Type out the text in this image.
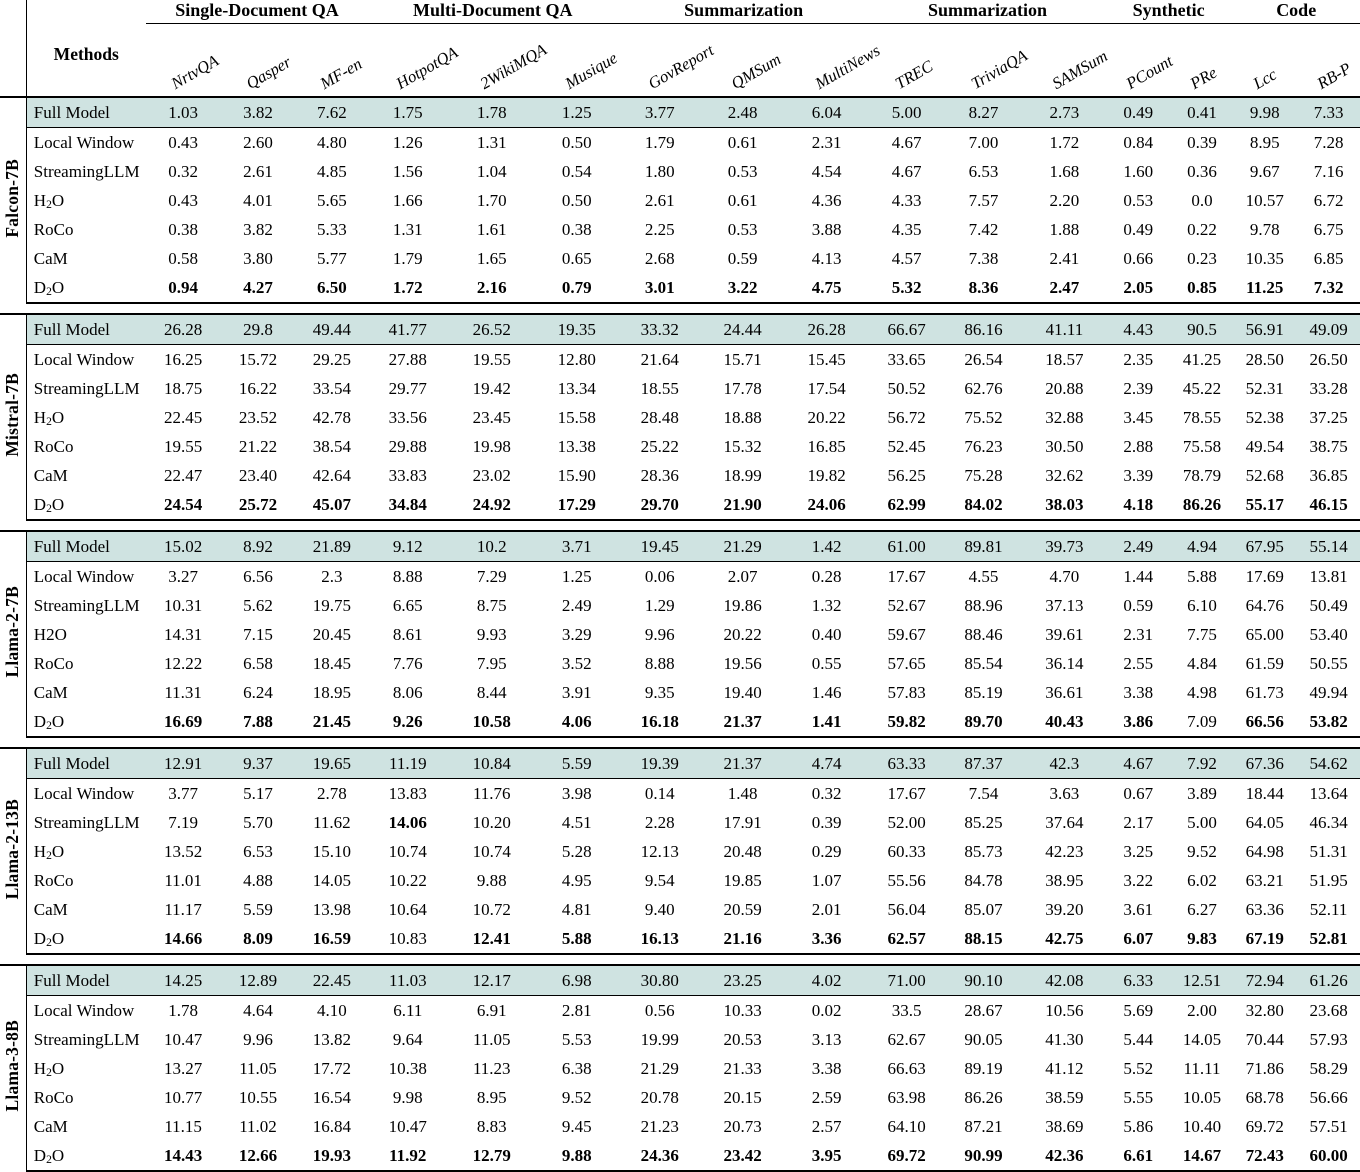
		Single-Document QA			Multi-Document QA			Summarization			Summarization			Synthetic		Code	

	Methods	NrtvQA	Qasper	MF-en	HotpotQA	2WikiMQA	Musique	GovReport	QMSum	MultiNews	TREC	TriviaQA	SAMSum	PCount	PRe	Lcc	RB-P

Falcon-7B	Full Model	1.03	3.82	7.62	1.75	1.78	1.25	3.77	2.48	6.04	5.00	8.27	2.73	0.49	0.41	9.98	7.33
	Local Window	0.43	2.60	4.80	1.26	1.31	0.50	1.79	0.61	2.31	4.67	7.00	1.72	0.84	0.39	8.95	7.28
	StreamingLLM	0.32	2.61	4.85	1.56	1.04	0.54	1.80	0.53	4.54	4.67	6.53	1.68	1.60	0.36	9.67	7.16
	$H_2O$	0.43	4.01	5.65	1.66	1.70	0.50	2.61	0.61	4.36	4.33	7.57	2.20	0.53	0.0	10.57	6.72
	RoCo	0.38	3.82	5.33	1.31	1.61	0.38	2.25	0.53	3.88	4.35	7.42	1.88	0.49	0.22	9.78	6.75
	CaM	0.58	3.80	5.77	1.79	1.65	0.65	2.68	0.59	4.13	4.57	7.38	2.41	0.66	0.23	10.35	6.85
	$D_2O$	0.94	4.27	6.50	1.72	2.16	0.79	3.01	3.22	4.75	5.32	8.36	2.47	2.05	0.85	11.25	7.32

Mistral-7B	Full Model	26.28	29.8	49.44	41.77	26.52	19.35	33.32	24.44	26.28	66.67	86.16	41.11	4.43	90.5	56.91	49.09
	Local Window	16.25	15.72	29.25	27.88	19.55	12.80	21.64	15.71	15.45	33.65	26.54	18.57	2.35	41.25	28.50	26.50
	StreamingLLM	18.75	16.22	33.54	29.77	19.42	13.34	18.55	17.78	17.54	50.52	62.76	20.88	2.39	45.22	52.31	33.28
	$H_2O$	22.45	23.52	42.78	33.56	23.45	15.58	28.48	18.88	20.22	56.72	75.52	32.88	3.45	78.55	52.38	37.25
	RoCo	19.55	21.22	38.54	29.88	19.98	13.38	25.22	15.32	16.85	52.45	76.23	30.50	2.88	75.58	49.54	38.75
	CaM	22.47	23.40	42.64	33.83	23.02	15.90	28.36	18.99	19.82	56.25	75.28	32.62	3.39	78.79	52.68	36.85
	$D_2O$	24.54	25.72	45.07	34.84	24.92	17.29	29.70	21.90	24.06	62.99	84.02	38.03	4.18	86.26	55.17	46.15

Llama-2-7B	Full Model	15.02	8.92	21.89	9.12	10.2	3.71	19.45	21.29	1.42	61.00	89.81	39.73	2.49	4.94	67.95	55.14
	Local Window	3.27	6.56	2.3	8.88	7.29	1.25	0.06	2.07	0.28	17.67	4.55	4.70	1.44	5.88	17.69	13.81
	StreamingLLM	10.31	5.62	19.75	6.65	8.75	2.49	1.29	19.86	1.32	52.67	88.96	37.13	0.59	6.10	64.76	50.49
	H2O	14.31	7.15	20.45	8.61	9.93	3.29	9.96	20.22	0.40	59.67	88.46	39.61	2.31	7.75	65.00	53.40
	RoCo	12.22	6.58	18.45	7.76	7.95	3.52	8.88	19.56	0.55	57.65	85.54	36.14	2.55	4.84	61.59	50.55
	CaM	11.31	6.24	18.95	8.06	8.44	3.91	9.35	19.40	1.46	57.83	85.19	36.61	3.38	4.98	61.73	49.94
	$D_2O$	16.69	7.88	21.45	9.26	10.58	4.06	16.18	21.37	1.41	59.82	89.70	40.43	3.86	7.09	66.56	53.82

Llama-2-13B	Full Model	12.91	9.37	19.65	11.19	10.84	5.59	19.39	21.37	4.74	63.33	87.37	42.3	4.67	7.92	67.36	54.62
	Local Window	3.77	5.17	2.78	13.83	11.76	3.98	0.14	1.48	0.32	17.67	7.54	3.63	0.67	3.89	18.44	13.64
	StreamingLLM	7.19	5.70	11.62	14.06	10.20	4.51	2.28	17.91	0.39	52.00	85.25	37.64	2.17	5.00	64.05	46.34
	$H_2O$	13.52	6.53	15.10	10.74	10.74	5.28	12.13	20.48	0.29	60.33	85.73	42.23	3.25	9.52	64.98	51.31
	RoCo	11.01	4.88	14.05	10.22	9.88	4.95	9.54	19.85	1.07	55.56	84.78	38.95	3.22	6.02	63.21	51.95
	CaM	11.17	5.59	13.98	10.64	10.72	4.81	9.40	20.59	2.01	56.04	85.07	39.20	3.61	6.27	63.36	52.11
	$D_2O$	14.66	8.09	16.59	10.83	12.41	5.88	16.13	21.16	3.36	62.57	88.15	42.75	6.07	9.83	67.19	52.81

Llama-3-8B	Full Model	14.25	12.89	22.45	11.03	12.17	6.98	30.80	23.25	4.02	71.00	90.10	42.08	6.33	12.51	72.94	61.26
	Local Window	1.78	4.64	4.10	6.11	6.91	2.81	0.56	10.33	0.02	33.5	28.67	10.56	5.69	2.00	32.80	23.68
	StreamingLLM	10.47	9.96	13.82	9.64	11.05	5.53	19.99	20.53	3.13	62.67	90.05	41.30	5.44	14.05	70.44	57.93
	$H_2O$	13.27	11.05	17.72	10.38	11.23	6.38	21.29	21.33	3.38	66.63	89.19	41.12	5.52	11.11	71.86	58.29
	RoCo	10.77	10.55	16.54	9.98	8.95	9.52	20.78	20.15	2.59	63.98	86.26	38.59	5.55	10.05	68.78	56.66
	CaM	11.15	11.02	16.84	10.47	8.83	9.45	21.23	20.73	2.57	64.10	87.21	38.69	5.86	10.40	69.72	57.51
	$D_2O$	14.43	12.66	19.93	11.92	12.79	9.88	24.36	23.42	3.95	69.72	90.99	42.36	6.61	14.67	72.43	60.00
